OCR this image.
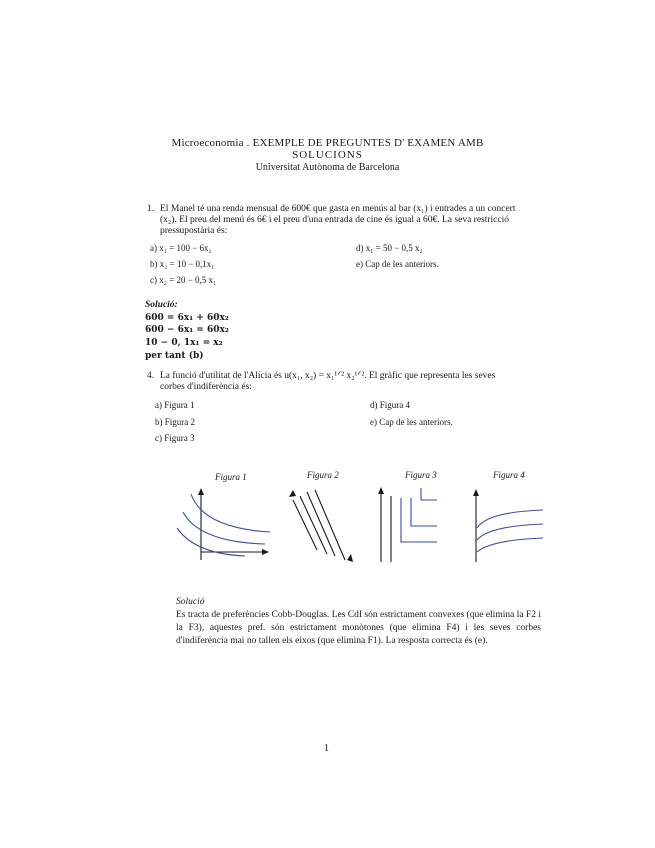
Microeconomia . EXEMPLE DE PREGUNTES D' EXAMEN AMB
SOLUCIONS
Universitat Autònoma de Barcelona
1. El Manel té una renda mensual de 600€ que gasta en menús al bar (x₁) i entrades a un concert
(x₂). El preu del menú és 6€ i el preu d'una entrada de cine és igual a 60€. La seva restricció
pressupostària és:
a) x₁ = 100 − 6x₂
b) x₂ = 10 − 0,1x₁
c) x₂ = 20 − 0,5 x₁
d) x₁ = 50 − 0,5 x₂
e) Cap de les anteriors.
Solució:
600 = 6x₁ + 60x₂
600 − 6x₁ = 60x₂
10 − 0, 1x₁ = x₂
per tant (b)
4. La funció d'utilitat de l'Alícia és u(x₁, x₂) = x₁¹ᐟ² x₂¹ᐟ². El gràfic que representa les seves
corbes d'indiferència és:
a) Figura 1
b) Figura 2
c) Figura 3
d) Figura 4
e) Cap de les anteriors.
Figura 1	Figura 2	Figura 3	Figura 4
Solució
Es tracta de preferències Cobb-Douglas. Les CdI són estrictament convexes (que elimina la F2 i la F3), aquestes pref. són estrictament monòtones (que elimina F4) i les seves corbes d'indiferència mai no tallen els eixos (que elimina F1). La resposta correcta és (e).
1
